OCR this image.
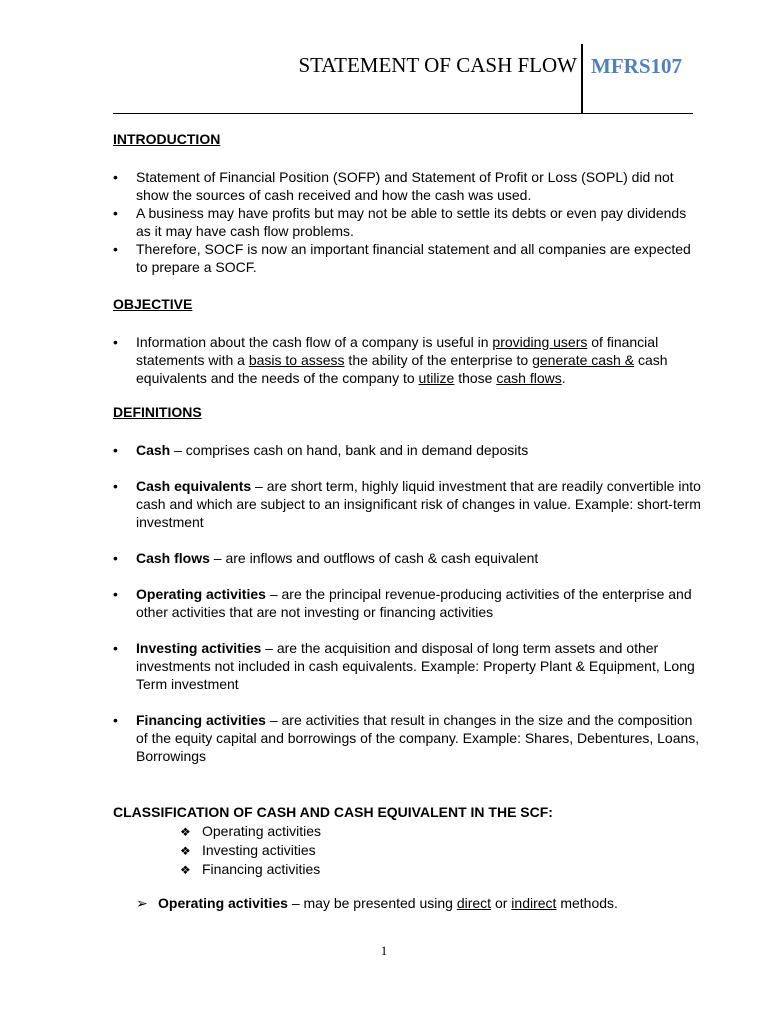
STATEMENT OF CASH FLOW MFRS107
INTRODUCTION
• Statement of Financial Position (SOFP) and Statement of Profit or Loss (SOPL) did not show the sources of cash received and how the cash was used.
• A business may have profits but may not be able to settle its debts or even pay dividends as it may have cash flow problems.
• Therefore, SOCF is now an important financial statement and all companies are expected to prepare a SOCF.
OBJECTIVE
• Information about the cash flow of a company is useful in providing users of financial statements with a basis to assess the ability of the enterprise to generate cash & cash equivalents and the needs of the company to utilize those cash flows.
DEFINITIONS
• Cash – comprises cash on hand, bank and in demand deposits
• Cash equivalents – are short term, highly liquid investment that are readily convertible into cash and which are subject to an insignificant risk of changes in value. Example: short-term investment
• Cash flows – are inflows and outflows of cash & cash equivalent
• Operating activities – are the principal revenue-producing activities of the enterprise and other activities that are not investing or financing activities
• Investing activities – are the acquisition and disposal of long term assets and other investments not included in cash equivalents. Example: Property Plant & Equipment, Long Term investment
• Financing activities – are activities that result in changes in the size and the composition of the equity capital and borrowings of the company. Example: Shares, Debentures, Loans, Borrowings
CLASSIFICATION OF CASH AND CASH EQUIVALENT IN THE SCF:
❖ Operating activities
❖ Investing activities
❖ Financing activities
➢ Operating activities – may be presented using direct or indirect methods.
1
